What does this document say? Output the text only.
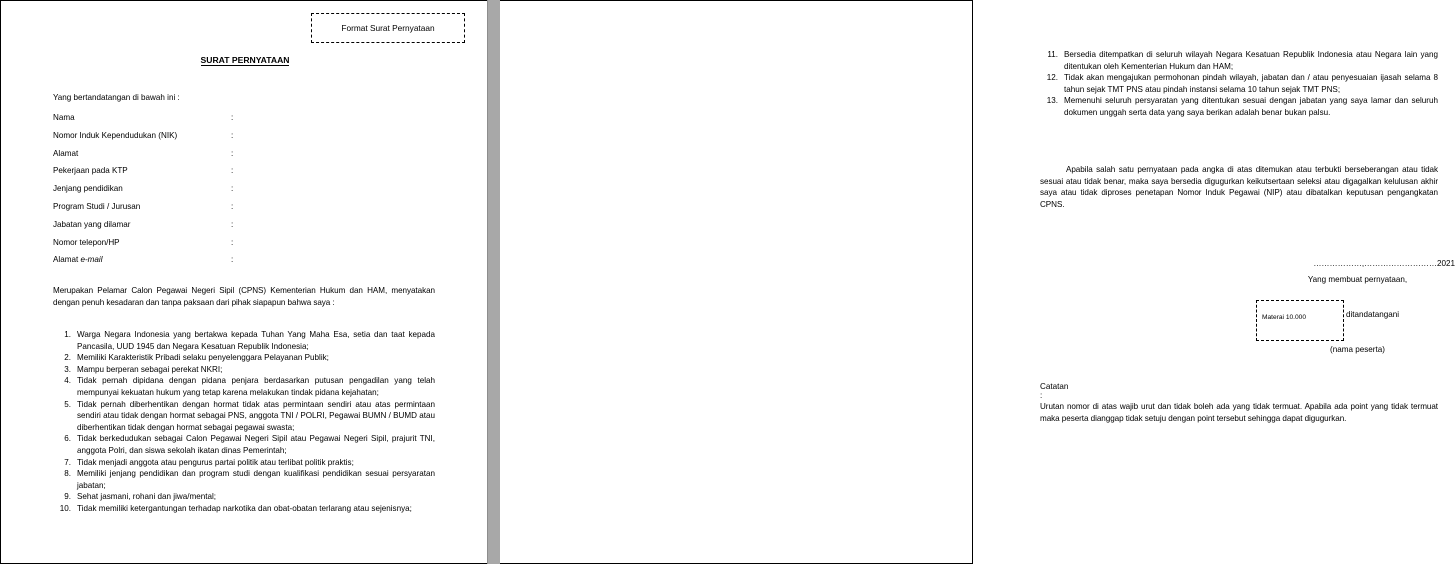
Format Surat Pernyataan
SURAT PERNYATAAN
Yang bertandatangan di bawah ini :
Nama	:
Nomor Induk Kependudukan (NIK)	:
Alamat	:
Pekerjaan pada KTP	:
Jenjang pendidikan	:
Program Studi / Jurusan	:
Jabatan yang dilamar	:
Nomor telepon/HP	:
Alamat e-mail	:
Merupakan Pelamar Calon Pegawai Negeri Sipil (CPNS) Kementerian Hukum dan HAM, menyatakan dengan penuh kesadaran dan tanpa paksaan dari pihak siapapun bahwa saya :
1. Warga Negara Indonesia yang bertakwa kepada Tuhan Yang Maha Esa, setia dan taat kepada Pancasila, UUD 1945 dan Negara Kesatuan Republik Indonesia;
2. Memiliki Karakteristik Pribadi selaku penyelenggara Pelayanan Publik;
3. Mampu berperan sebagai perekat NKRI;
4. Tidak pernah dipidana dengan pidana penjara berdasarkan putusan pengadilan yang telah mempunyai kekuatan hukum yang tetap karena melakukan tindak pidana kejahatan;
5. Tidak pernah diberhentikan dengan hormat tidak atas permintaan sendiri atau atas permintaan sendiri atau tidak dengan hormat sebagai PNS, anggota TNI / POLRI, Pegawai BUMN / BUMD atau diberhentikan tidak dengan hormat sebagai pegawai swasta;
6. Tidak berkedudukan sebagai Calon Pegawai Negeri Sipil atau Pegawai Negeri Sipil, prajurit TNI, anggota Polri, dan siswa sekolah ikatan dinas Pemerintah;
7. Tidak menjadi anggota atau pengurus partai politik atau terlibat politik praktis;
8. Memiliki jenjang pendidikan dan program studi dengan kualifikasi pendidikan sesuai persyaratan jabatan;
9. Sehat jasmani, rohani dan jiwa/mental;
10. Tidak memiliki ketergantungan terhadap narkotika dan obat-obatan terlarang atau sejenisnya;
11. Bersedia ditempatkan di seluruh wilayah Negara Kesatuan Republik Indonesia atau Negara lain yang ditentukan oleh Kementerian Hukum dan HAM;
12. Tidak akan mengajukan permohonan pindah wilayah, jabatan dan / atau penyesuaian ijasah selama 8 tahun sejak TMT PNS atau pindah instansi selama 10 tahun sejak TMT PNS;
13. Memenuhi seluruh persyaratan yang ditentukan sesuai dengan jabatan yang saya lamar dan seluruh dokumen unggah serta data yang saya berikan adalah benar bukan palsu.
Apabila salah satu pernyataan pada angka di atas ditemukan atau terbukti berseberangan atau tidak sesuai atau tidak benar, maka saya bersedia digugurkan keikutsertaan seleksi atau digagalkan kelulusan akhir saya atau tidak diproses penetapan Nomor Induk Pegawai (NIP) atau dibatalkan keputusan pengangkatan CPNS.
………………,………………………2021
Yang membuat pernyataan,
Materai 10.000	ditandatangani
(nama peserta)
Catatan :
Urutan nomor di atas wajib urut dan tidak boleh ada yang tidak termuat. Apabila ada point yang tidak termuat maka peserta dianggap tidak setuju dengan point tersebut sehingga dapat digugurkan.
